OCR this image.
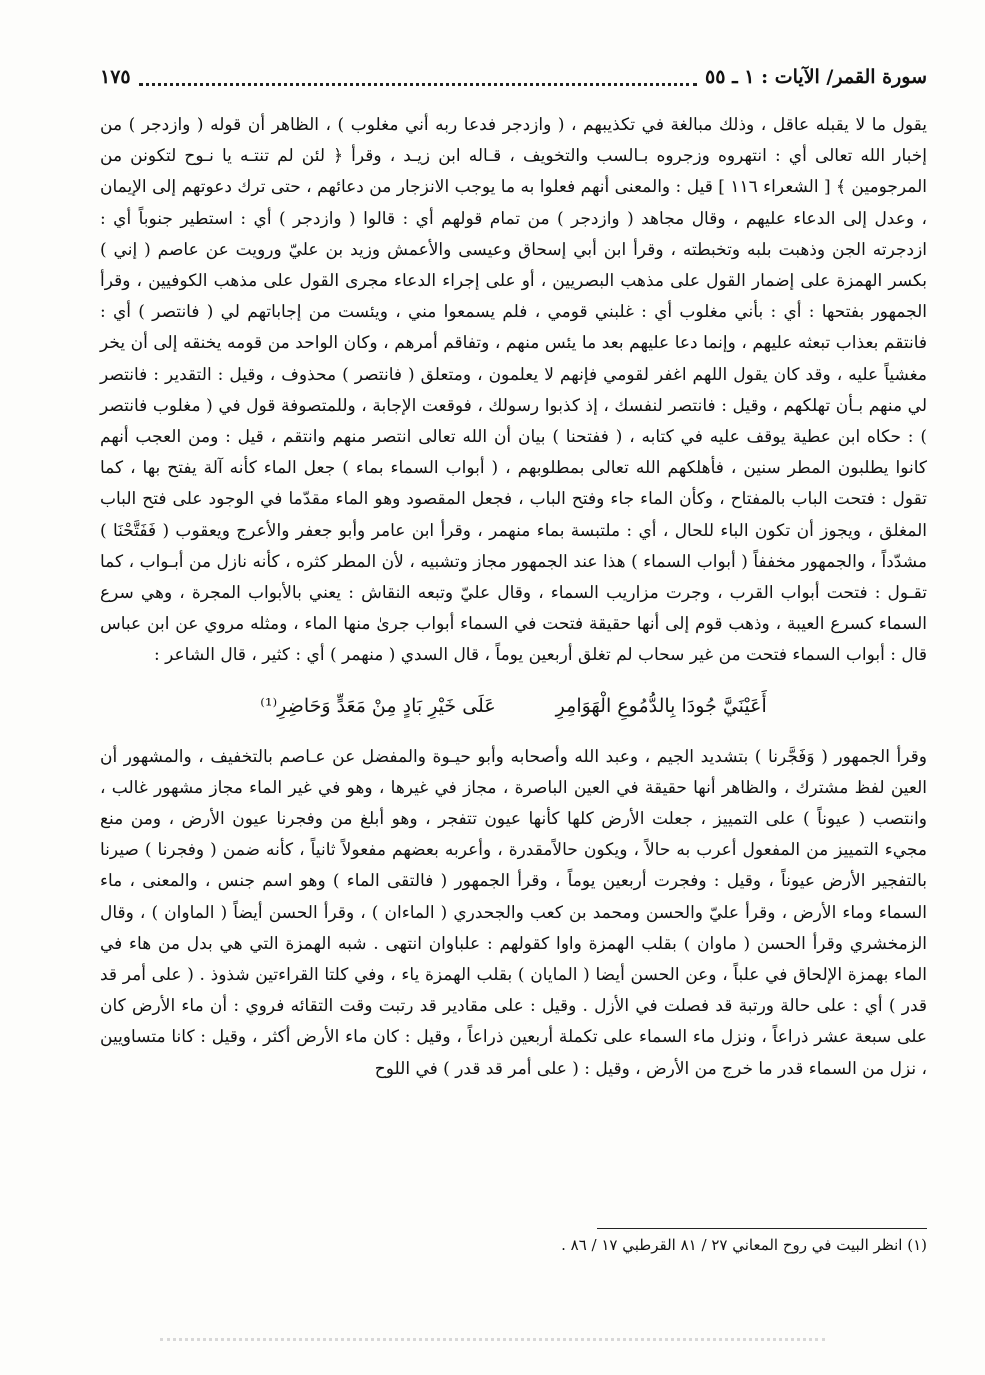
سورة القمر/ الآيات : ١ ـ ٥٥
١٧٥

يقول ما لا يقبله عاقل ، وذلك مبالغة في تكذيبهم ، ( وازدجر فدعا ربه أني مغلوب ) ، الظاهر أن قوله ( وازدجر ) من إخبار الله تعالى أي : انتهروه وزجروه بـالسب والتخويف ، قـاله ابن زيـد ، وقرأ ﴿ لئن لم تنتـه يا نـوح لتكونن من المرجومين ﴾ [ الشعراء ١١٦ ] قيل : والمعنى أنهم فعلوا به ما يوجب الانزجار من دعائهم ، حتى ترك دعوتهم إلى الإيمان ، وعدل إلى الدعاء عليهم ، وقال مجاهد ( وازدجر ) من تمام قولهم أي : قالوا ( وازدجر ) أي : استطير جنوباً أي : ازدجرته الجن وذهبت بلبه وتخبطته ، وقرأ ابن أبي إسحاق وعيسى والأعمش وزيد بن عليّ ورويت عن عاصم ( إني ) بكسر الهمزة على إضمار القول على مذهب البصريين ، أو على إجراء الدعاء مجرى القول على مذهب الكوفيين ، وقرأ الجمهور بفتحها : أي : بأني مغلوب أي : غلبني قومي ، فلم يسمعوا مني ، ويئست من إجاباتهم لي ( فانتصر ) أي : فانتقم بعذاب تبعثه عليهم ، وإنما دعا عليهم بعد ما يئس منهم ، وتفاقم أمرهم ، وكان الواحد من قومه يخنقه إلى أن يخر مغشياً عليه ، وقد كان يقول اللهم اغفر لقومي فإنهم لا يعلمون ، ومتعلق ( فانتصر ) محذوف ، وقيل : التقدير : فانتصر لي منهم بـأن تهلكهم ، وقيل : فانتصر لنفسك ، إذ كذبوا رسولك ، فوقعت الإجابة ، وللمتصوفة قول في ( مغلوب فانتصر ) : حكاه ابن عطية يوقف عليه في كتابه ، ( ففتحنا ) بيان أن الله تعالى انتصر منهم وانتقم ، قيل : ومن العجب أنهم كانوا يطلبون المطر سنين ، فأهلكهم الله تعالى بمطلوبهم ، ( أبواب السماء بماء ) جعل الماء كأنه آلة يفتح بها ، كما تقول : فتحت الباب بالمفتاح ، وكأن الماء جاء وفتح الباب ، فجعل المقصود وهو الماء مقدّما في الوجود على فتح الباب المغلق ، ويجوز أن تكون الباء للحال ، أي : ملتبسة بماء منهمر ، وقرأ ابن عامر وأبو جعفر والأعرج ويعقوب ( فَفَتَّحْنَا ) مشدّداً ، والجمهور مخففاً ( أبواب السماء ) هذا عند الجمهور مجاز وتشبيه ، لأن المطر كثره ، كأنه نازل من أبـواب ، كما تقـول : فتحت أبواب القرب ، وجرت مزاريب السماء ، وقال عليّ وتبعه النقاش : يعني بالأبواب المجرة ، وهي سرع السماء كسرع العيبة ، وذهب قوم إلى أنها حقيقة فتحت في السماء أبواب جرىٰ منها الماء ، ومثله مروي عن ابن عباس قال : أبواب السماء فتحت من غير سحاب لم تغلق أربعين يوماً ، قال السدي ( منهمر ) أي : كثير ، قال الشاعر :

أَعَيْنَيَّ جُودَا بِالدُّمُوعِ الْهَوَامِرِ
عَلَى خَيْرِ بَادٍ مِنْ مَعَدٍّ وَحَاضِرِ⁽¹⁾

وقرأ الجمهور ( وَفَجَّرنا ) بتشديد الجيم ، وعبد الله وأصحابه وأبو حيـوة والمفضل عن عـاصم بالتخفيف ، والمشهور أن العين لفظ مشترك ، والظاهر أنها حقيقة في العين الباصرة ، مجاز في غيرها ، وهو في غير الماء مجاز مشهور غالب ، وانتصب ( عيوناً ) على التمييز ، جعلت الأرض كلها كأنها عيون تتفجر ، وهو أبلغ من وفجرنا عيون الأرض ، ومن منع مجيء التمييز من المفعول أعرب به حالاً ، ويكون حالاًمقدرة ، وأعربه بعضهم مفعولاً ثانياً ، كأنه ضمن ( وفجرنا ) صيرنا بالتفجير الأرض عيوناً ، وقيل : وفجرت أربعين يوماً ، وقرأ الجمهور ( فالتقى الماء ) وهو اسم جنس ، والمعنى ، ماء السماء وماء الأرض ، وقرأ عليّ والحسن ومحمد بن كعب والجحدري ( الماءان ) ، وقرأ الحسن أيضاً ( الماوان ) ، وقال الزمخشري وقرأ الحسن ( ماوان ) بقلب الهمزة واوا كقولهم : علباوان انتهى . شبه الهمزة التي هي بدل من هاء في الماء بهمزة الإلحاق في علباً ، وعن الحسن أيضا ( المايان ) بقلب الهمزة ياء ، وفي كلتا القراءتين شذوذ . ( على أمر قد قدر ) أي : على حالة ورتبة قد فصلت في الأزل . وقيل : على مقادير قد رتبت وقت التقائه فروي : أن ماء الأرض كان على سبعة عشر ذراعاً ، ونزل ماء السماء على تكملة أربعين ذراعاً ، وقيل : كان ماء الأرض أكثر ، وقيل : كانا متساويين ، نزل من السماء قدر ما خرج من الأرض ، وقيل : ( على أمر قد قدر ) في اللوح

(١) انظر البيت في روح المعاني ٢٧ / ٨١ القرطبي ١٧ / ٨٦ .
